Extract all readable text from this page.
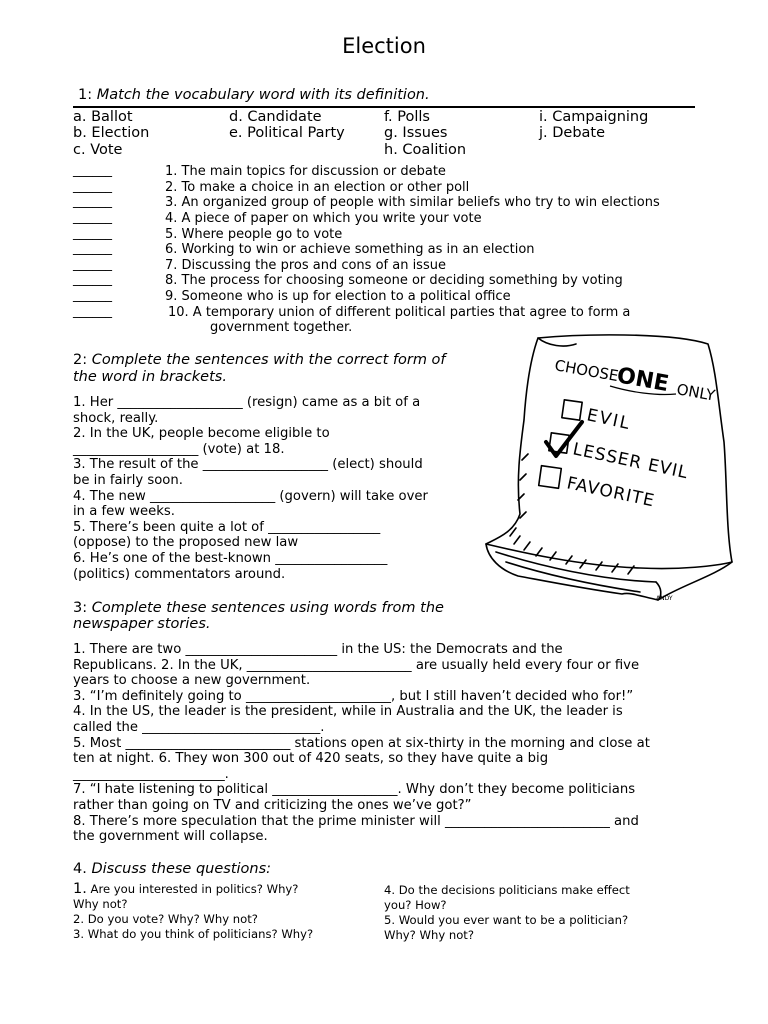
Election
1: Match the vocabulary word with its definition.
a. Ballot
b. Election
c. Vote
d. Candidate
e. Political Party
f. Polls
g. Issues
h. Coalition
i. Campaigning
j. Debate
______
______
______
______
______
______
______
______
______
______
1. The main topics for discussion or debate
2. To make a choice in an election or other poll
3. An organized group of people with similar beliefs who try to win elections
4. A piece of paper on which you write your vote
5. Where people go to vote
6. Working to win or achieve something as in an election
7. Discussing the pros and cons of an issue
8. The process for choosing someone or deciding something by voting
9. Someone who is up for election to a political office
10. A temporary union of different political parties that agree to form a
government together.
2: Complete the sentences with the correct form of
the word in brackets.
1. Her ___________________ (resign) came as a bit of a
shock, really.
2. In the UK, people become eligible to
___________________ (vote) at 18.
3. The result of the ___________________ (elect) should
be in fairly soon.
4. The new ___________________ (govern) will take over
in a few weeks.
5. There’s been quite a lot of _________________
(oppose) to the proposed new law
6. He’s one of the best-known _________________
(politics) commentators around.
CHOOSE
ONE ONLY
EVIL
LESSER EVIL
FAVORITE
ANDY
3: Complete these sentences using words from the
newspaper stories.
1. There are two _______________________ in the US: the Democrats and the
Republicans. 2. In the UK, _________________________ are usually held every four or five
years to choose a new government.
3. “I’m definitely going to ______________________, but I still haven’t decided who for!”
4. In the US, the leader is the president, while in Australia and the UK, the leader is
called the ___________________________.
5. Most _________________________ stations open at six-thirty in the morning and close at
ten at night. 6. They won 300 out of 420 seats, so they have quite a big
_______________________.
7. “I hate listening to political ___________________. Why don’t they become politicians
rather than going on TV and criticizing the ones we’ve got?”
8. There’s more speculation that the prime minister will _________________________ and
the government will collapse.
4. Discuss these questions:
1. Are you interested in politics? Why?
Why not?
2. Do you vote? Why? Why not?
3. What do you think of politicians? Why?
4. Do the decisions politicians make effect
you? How?
5. Would you ever want to be a politician?
Why? Why not?
